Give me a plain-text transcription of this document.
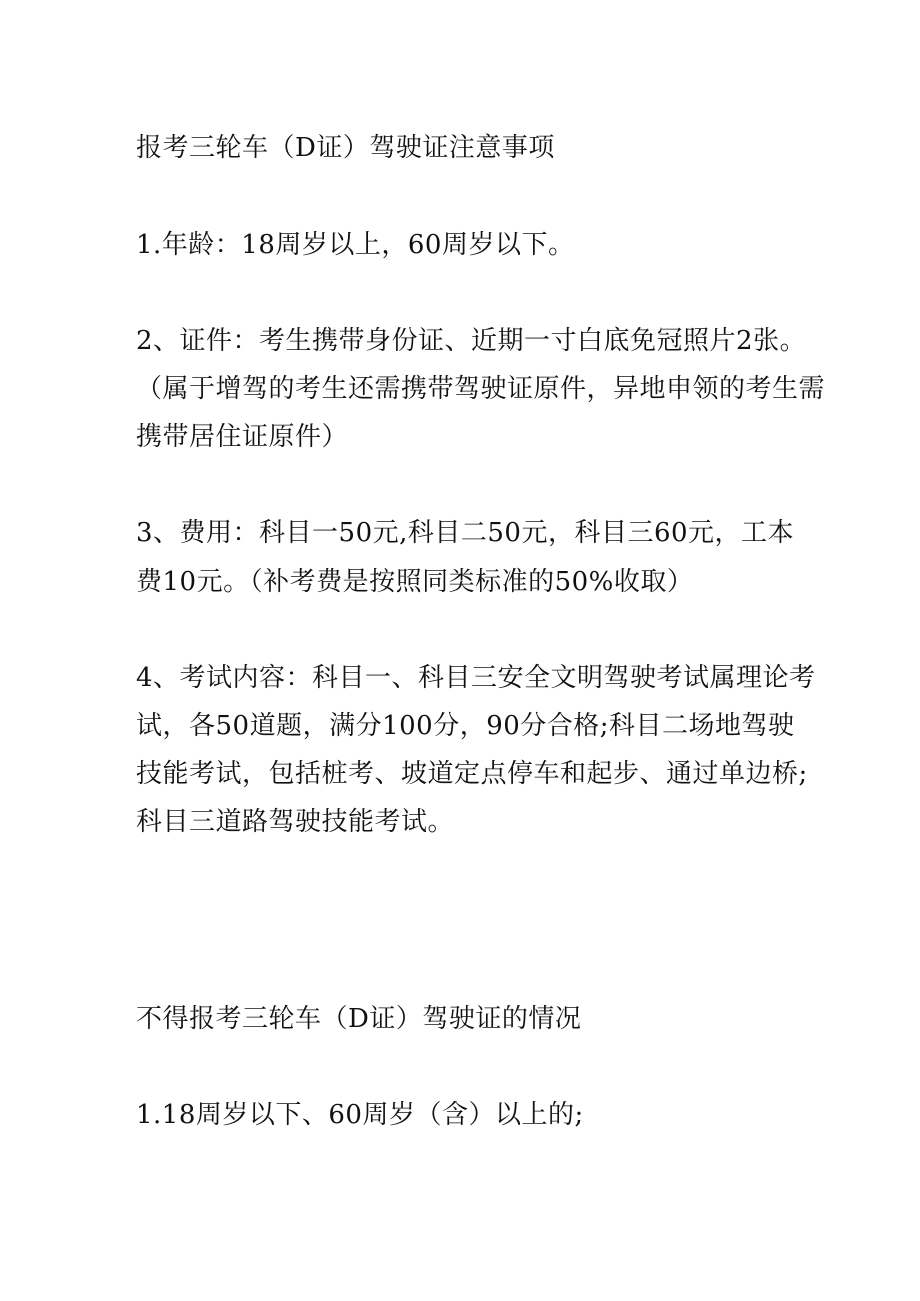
报考三轮车（D证）驾驶证注意事项
1.年龄：18周岁以上，60周岁以下。
2、证件：考生携带身份证、近期一寸白底免冠照片2张。
（属于增驾的考生还需携带驾驶证原件，异地申领的考生需
携带居住证原件）
3、费用：科目一50元,科目二50元，科目三60元，工本
费10元。（补考费是按照同类标准的50%收取）
4、考试内容：科目一、科目三安全文明驾驶考试属理论考
试，各50道题，满分100分，90分合格;科目二场地驾驶
技能考试，包括桩考、坡道定点停车和起步、通过单边桥;
科目三道路驾驶技能考试。
不得报考三轮车（D证）驾驶证的情况
1.18周岁以下、60周岁（含）以上的;
